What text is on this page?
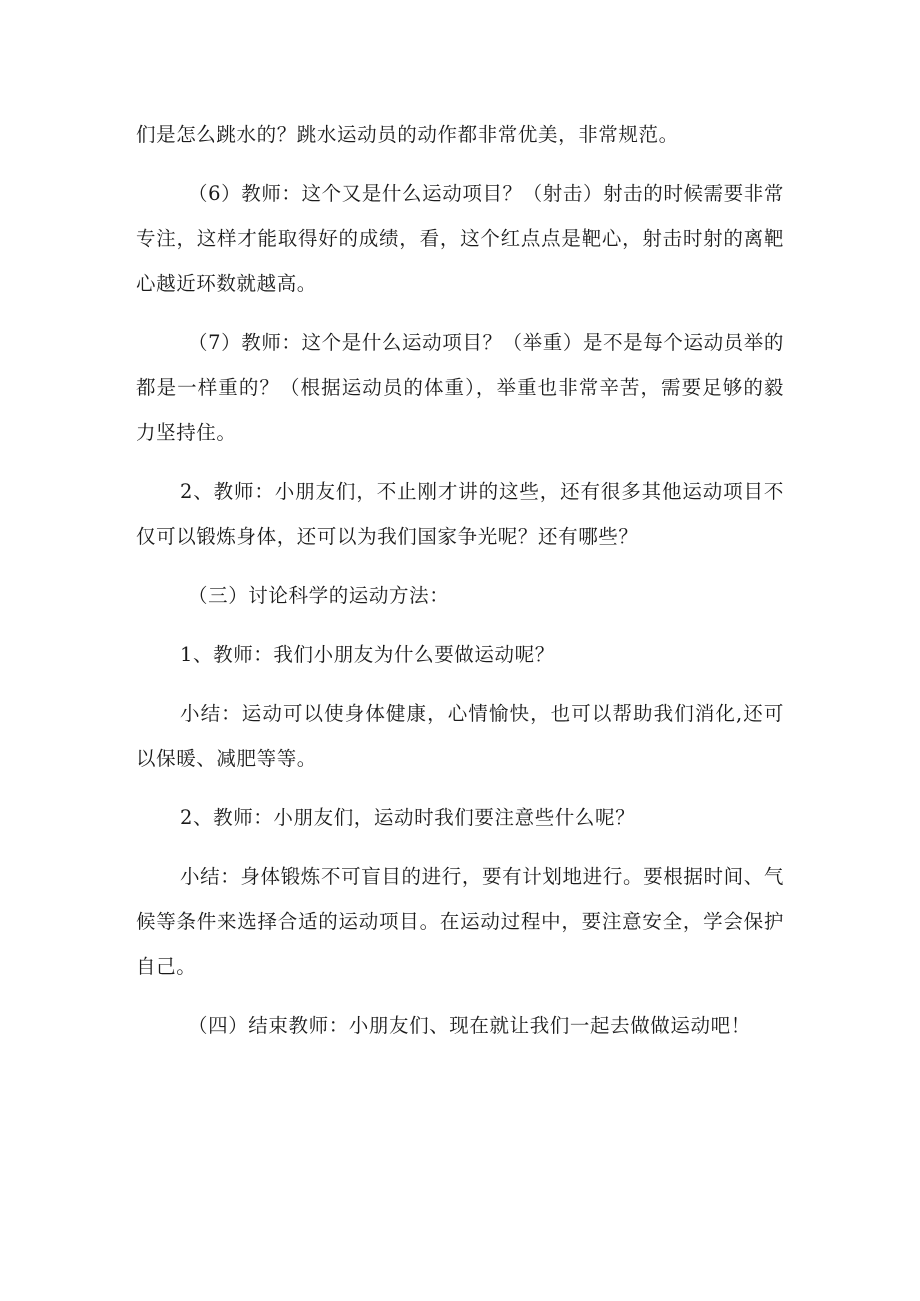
们是怎么跳水的？跳水运动员的动作都非常优美，非常规范。

（6）教师：这个又是什么运动项目？（射击）射击的时候需要非常专注，这样才能取得好的成绩，看，这个红点点是靶心，射击时射的离靶心越近环数就越高。

（7）教师：这个是什么运动项目？（举重）是不是每个运动员举的都是一样重的？（根据运动员的体重），举重也非常辛苦，需要足够的毅力坚持住。

2、教师：小朋友们，不止刚才讲的这些，还有很多其他运动项目不仅可以锻炼身体，还可以为我们国家争光呢？还有哪些？

（三）讨论科学的运动方法：

1、教师：我们小朋友为什么要做运动呢？

小结：运动可以使身体健康，心情愉快，也可以帮助我们消化,还可以保暖、减肥等等。

2、教师：小朋友们，运动时我们要注意些什么呢？

小结：身体锻炼不可盲目的进行，要有计划地进行。要根据时间、气候等条件来选择合适的运动项目。在运动过程中，要注意安全，学会保护自己。

（四）结束教师：小朋友们、现在就让我们一起去做做运动吧！
